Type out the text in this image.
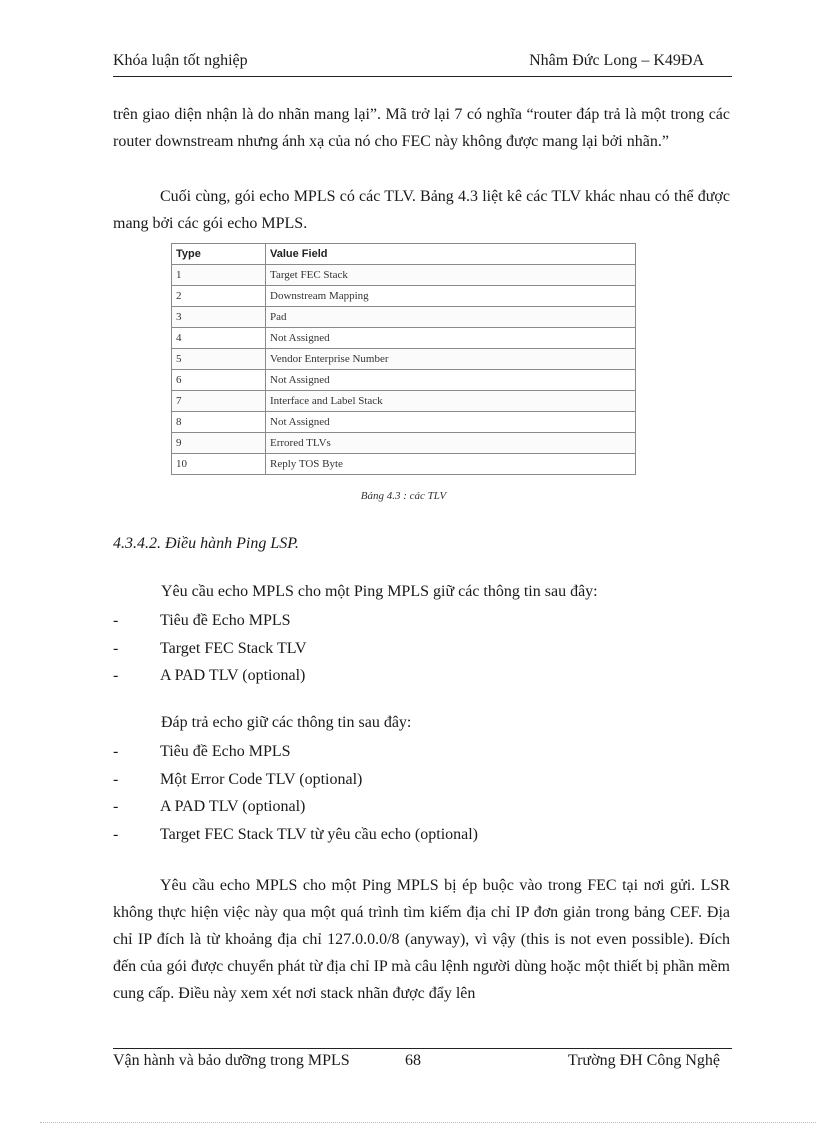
Khóa luận tốt nghiệp	Nhâm Đức Long – K49ĐA
trên giao diện nhận là do nhãn mang lại”. Mã trở lại 7 có nghĩa “router đáp trả là một trong các router downstream nhưng ánh xạ của nó cho FEC này không được mang lại bởi nhãn.”
Cuối cùng, gói echo MPLS có các TLV. Bảng 4.3 liệt kê các TLV khác nhau có thể được mang bởi các gói echo MPLS.
Type	Value Field
1	Target FEC Stack
2	Downstream Mapping
3	Pad
4	Not Assigned
5	Vendor Enterprise Number
6	Not Assigned
7	Interface and Label Stack
8	Not Assigned
9	Errored TLVs
10	Reply TOS Byte
Bảng 4.3 : các TLV
4.3.4.2. Điều hành Ping LSP.
Yêu cầu echo MPLS cho một Ping MPLS giữ các thông tin sau đây:
- Tiêu đề Echo MPLS
- Target FEC Stack TLV
- A PAD TLV (optional)
Đáp trả echo giữ các thông tin sau đây:
- Tiêu đề Echo MPLS
- Một Error Code TLV (optional)
- A PAD TLV (optional)
- Target FEC Stack TLV từ yêu cầu echo (optional)
Yêu cầu echo MPLS cho một Ping MPLS bị ép buộc vào trong FEC tại nơi gửi. LSR không thực hiện việc này qua một quá trình tìm kiếm địa chỉ IP đơn giản trong bảng CEF. Địa chỉ IP đích là từ khoảng địa chỉ 127.0.0.0/8 (anyway), vì vậy (this is not even possible). Đích đến của gói được chuyển phát từ địa chỉ IP mà câu lệnh người dùng hoặc một thiết bị phần mềm cung cấp. Điều này xem xét nơi stack nhãn được đẩy lên
Vận hành và bảo dưỡng trong MPLS	68	Trường ĐH Công Nghệ
